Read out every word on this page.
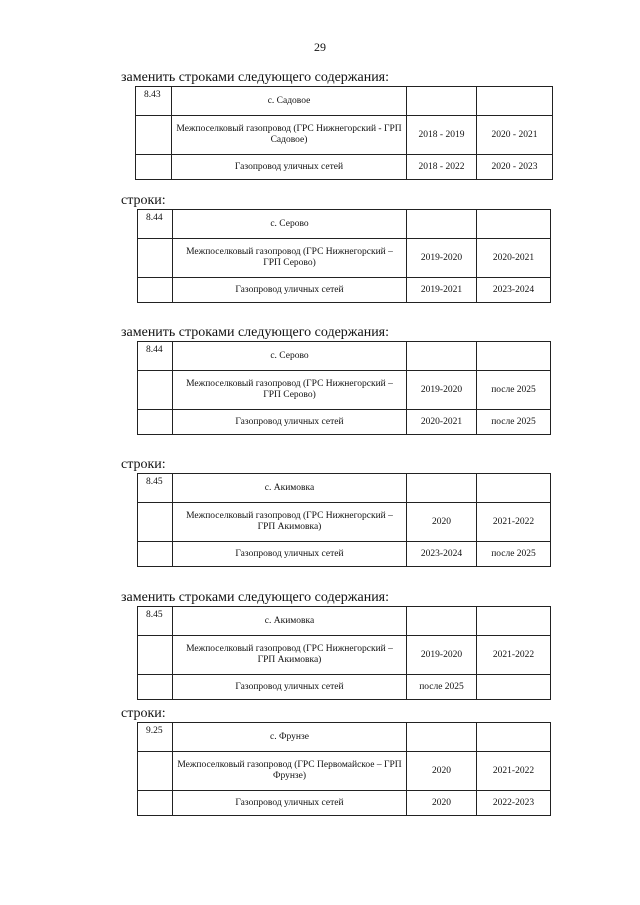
29
заменить строками следующего содержания:
8.43	с. Садовое		
	Межпоселковый газопровод (ГРС Нижнегорский - ГРП Садовое)	2018 - 2019	2020 - 2021
	Газопровод уличных сетей	2018 - 2022	2020 - 2023
строки:
8.44	с. Серово		
	Межпоселковый газопровод (ГРС Нижнегорский – ГРП Серово)	2019-2020	2020-2021
	Газопровод уличных сетей	2019-2021	2023-2024
заменить строками следующего содержания:
8.44	с. Серово		
	Межпоселковый газопровод (ГРС Нижнегорский – ГРП Серово)	2019-2020	после 2025
	Газопровод уличных сетей	2020-2021	после 2025
строки:
8.45	с. Акимовка		
	Межпоселковый газопровод (ГРС Нижнегорский – ГРП Акимовка)	2020	2021-2022
	Газопровод уличных сетей	2023-2024	после 2025
заменить строками следующего содержания:
8.45	с. Акимовка		
	Межпоселковый газопровод (ГРС Нижнегорский – ГРП Акимовка)	2019-2020	2021-2022
	Газопровод уличных сетей	после 2025	
строки:
9.25	с. Фрунзе		
	Межпоселковый газопровод (ГРС Первомайское – ГРП Фрунзе)	2020	2021-2022
	Газопровод уличных сетей	2020	2022-2023
